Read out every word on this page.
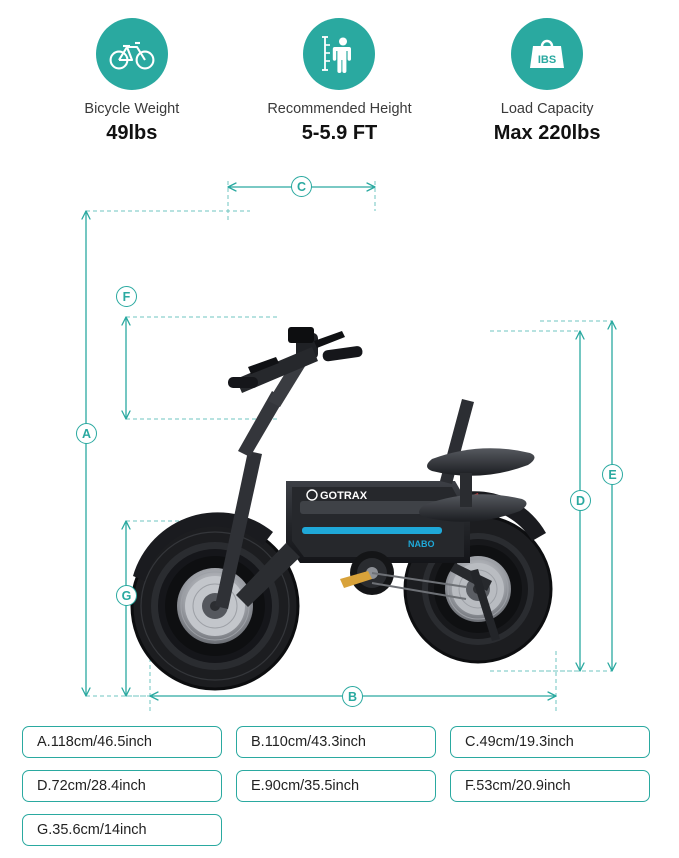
Bicycle Weight
49lbs
Recommended Height
5-5.9 FT
IBS
Load Capacity
Max 220lbs
GOTRAX
NABO
C
F
A
G
D
E
B
A.118cm/46.5inch	B.110cm/43.3inch	C.49cm/19.3inch
D.72cm/28.4inch	E.90cm/35.5inch	F.53cm/20.9inch
G.35.6cm/14inch
